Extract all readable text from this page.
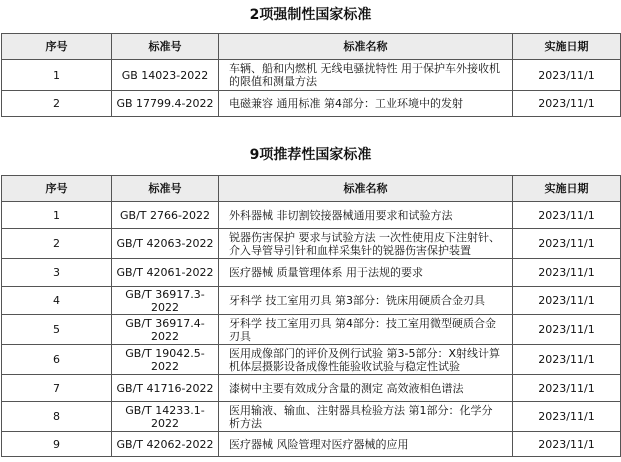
2项强制性国家标准
序号	标准号	标准名称	实施日期
1	GB 14023-2022	车辆、船和内燃机 无线电骚扰特性 用于保护车外接收机的限值和测量方法	2023/11/1
2	GB 17799.4-2022	电磁兼容 通用标准 第4部分：工业环境中的发射	2023/11/1
9项推荐性国家标准
序号	标准号	标准名称	实施日期
1	GB/T 2766-2022	外科器械 非切割铰接器械通用要求和试验方法	2023/11/1
2	GB/T 42063-2022	锐器伤害保护 要求与试验方法 一次性使用皮下注射针、介入导管导引针和血样采集针的锐器伤害保护装置	2023/11/1
3	GB/T 42061-2022	医疗器械 质量管理体系 用于法规的要求	2023/11/1
4	GB/T 36917.3-2022	牙科学 技工室用刃具 第3部分：铣床用硬质合金刃具	2023/11/1
5	GB/T 36917.4-2022	牙科学 技工室用刃具 第4部分：技工室用微型硬质合金刃具	2023/11/1
6	GB/T 19042.5-2022	医用成像部门的评价及例行试验 第3-5部分：X射线计算机体层摄影设备成像性能验收试验与稳定性试验	2023/11/1
7	GB/T 41716-2022	漆树中主要有效成分含量的测定 高效液相色谱法	2023/11/1
8	GB/T 14233.1-2022	医用输液、输血、注射器具检验方法 第1部分：化学分析方法	2023/11/1
9	GB/T 42062-2022	医疗器械 风险管理对医疗器械的应用	2023/11/1
